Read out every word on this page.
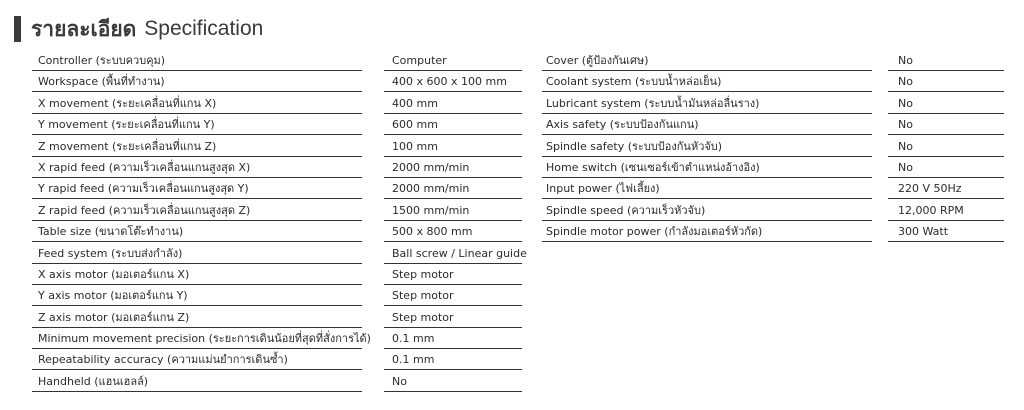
รายละเอียด Specification
Controller (ระบบควบคุม)	Computer
Workspace (พื้นที่ทำงาน)	400 x 600 x 100 mm
X movement (ระยะเคลื่อนที่แกน X)	400 mm
Y movement (ระยะเคลื่อนที่แกน Y)	600 mm
Z movement (ระยะเคลื่อนที่แกน Z)	100 mm
X rapid feed (ความเร็วเคลื่อนแกนสูงสุด X)	2000 mm/min
Y rapid feed (ความเร็วเคลื่อนแกนสูงสุด Y)	2000 mm/min
Z rapid feed (ความเร็วเคลื่อนแกนสูงสุด Z)	1500 mm/min
Table size (ขนาดโต๊ะทำงาน)	500 x 800 mm
Feed system (ระบบส่งกำลัง)	Ball screw / Linear guide
X axis motor (มอเตอร์แกน X)	Step motor
Y axis motor (มอเตอร์แกน Y)	Step motor
Z axis motor (มอเตอร์แกน Z)	Step motor
Minimum movement precision (ระยะการเดินน้อยที่สุดที่สั่งการได้)	0.1 mm
Repeatability accuracy (ความแม่นยำการเดินซ้ำ)	0.1 mm
Handheld (แฮนเฮลล์)	No
Cover (ตู้ป้องกันเศษ)	No
Coolant system (ระบบน้ำหล่อเย็น)	No
Lubricant system (ระบบน้ำมันหล่อลื่นราง)	No
Axis safety (ระบบป้องกันแกน)	No
Spindle safety (ระบบป้องกันหัวจับ)	No
Home switch (เซนเซอร์เข้าตำแหน่งอ้างอิง)	No
Input power (ไฟเลี้ยง)	220 V 50Hz
Spindle speed (ความเร็วหัวจับ)	12,000 RPM
Spindle motor power (กำลังมอเตอร์หัวกัด)	300 Watt
